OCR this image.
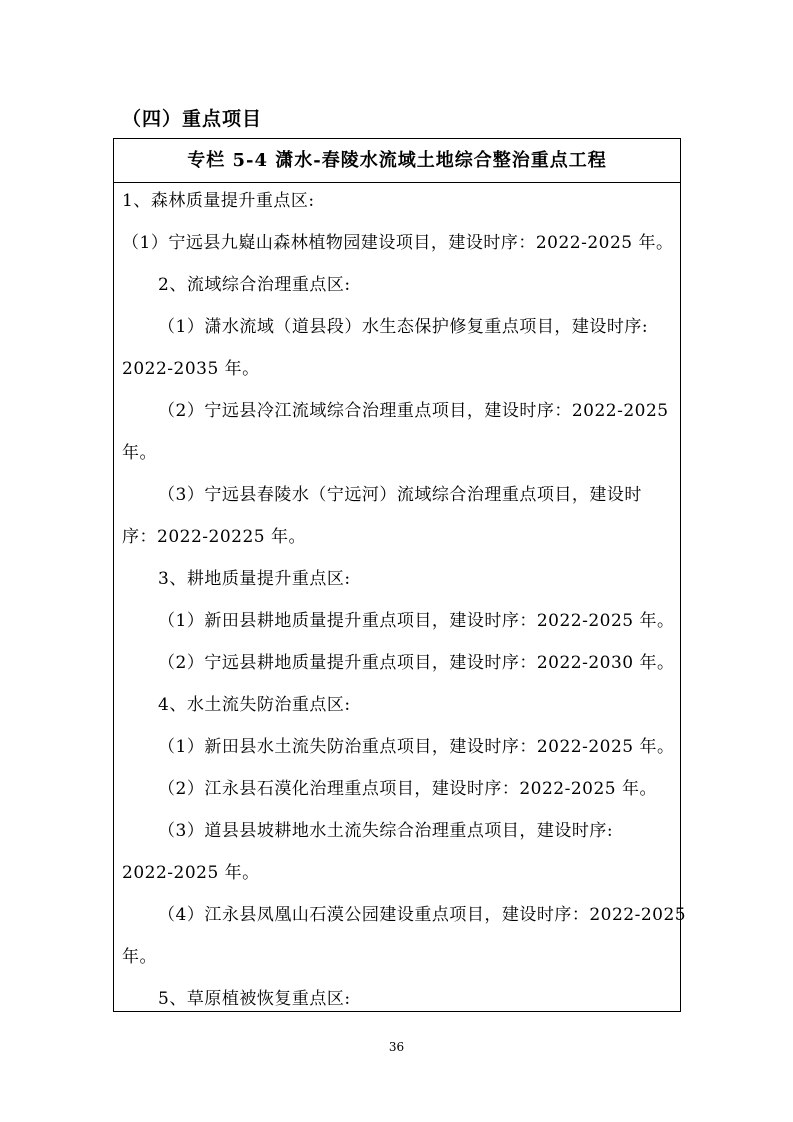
（四）重点项目
专栏 5-4 潇水-春陵水流域土地综合整治重点工程
1、森林质量提升重点区:
（1）宁远县九嶷山森林植物园建设项目，建设时序：2022-2025 年。
2、流域综合治理重点区:
（1）潇水流域（道县段）水生态保护修复重点项目，建设时序:
2022-2035 年。
（2）宁远县冷江流域综合治理重点项目，建设时序：2022-2025
年。
（3）宁远县春陵水（宁远河）流域综合治理重点项目，建设时
序：2022-20225 年。
3、耕地质量提升重点区:
（1）新田县耕地质量提升重点项目，建设时序：2022-2025 年。
（2）宁远县耕地质量提升重点项目，建设时序：2022-2030 年。
4、水土流失防治重点区:
（1）新田县水土流失防治重点项目，建设时序：2022-2025 年。
（2）江永县石漠化治理重点项目，建设时序：2022-2025 年。
（3）道县县坡耕地水土流失综合治理重点项目，建设时序:
2022-2025 年。
（4）江永县凤凰山石漠公园建设重点项目，建设时序：2022-2025
年。
5、草原植被恢复重点区:
36
